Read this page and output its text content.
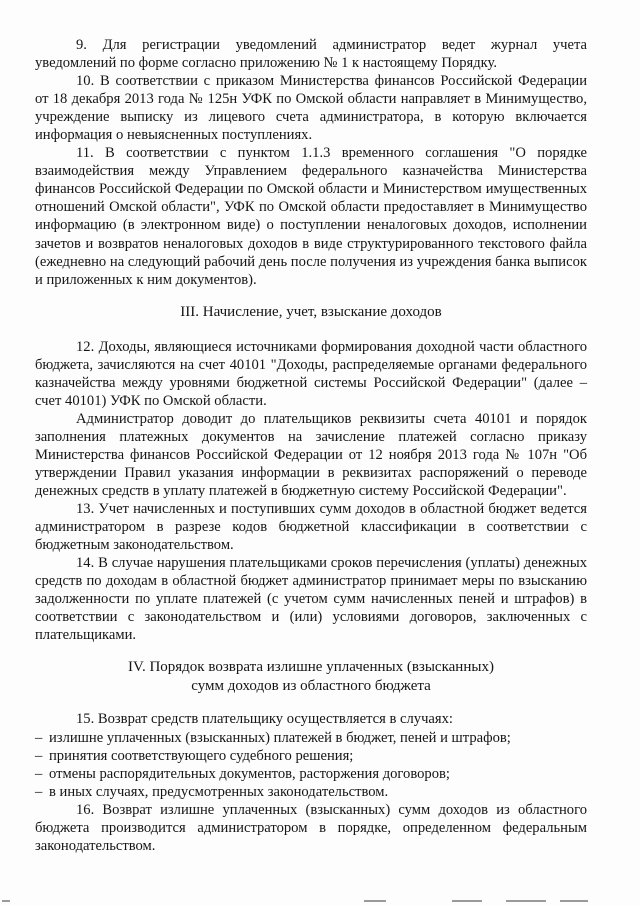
9. Для регистрации уведомлений администратор ведет журнал учета уведомлений по форме согласно приложению № 1 к настоящему Порядку.

10. В соответствии с приказом Министерства финансов Российской Федерации от 18 декабря 2013 года № 125н УФК по Омской области направляет в Минимущество, учреждение выписку из лицевого счета администратора, в которую включается информация о невыясненных поступлениях.

11. В соответствии с пунктом 1.1.3 временного соглашения "О порядке взаимодействия между Управлением федерального казначейства Министерства финансов Российской Федерации по Омской области и Министерством имущественных отношений Омской области", УФК по Омской области предоставляет в Минимущество информацию (в электронном виде) о поступлении неналоговых доходов, исполнении зачетов и возвратов неналоговых доходов в виде структурированного текстового файла (ежедневно на следующий рабочий день после получения из учреждения банка выписок и приложенных к ним документов).

III. Начисление, учет, взыскание доходов

12. Доходы, являющиеся источниками формирования доходной части областного бюджета, зачисляются на счет 40101 "Доходы, распределяемые органами федерального казначейства между уровнями бюджетной системы Российской Федерации" (далее – счет 40101) УФК по Омской области.

Администратор доводит до плательщиков реквизиты счета 40101 и порядок заполнения платежных документов на зачисление платежей согласно приказу Министерства финансов Российской Федерации от 12 ноября 2013 года № 107н "Об утверждении Правил указания информации в реквизитах распоряжений о переводе денежных средств в уплату платежей в бюджетную систему Российской Федерации".

13. Учет начисленных и поступивших сумм доходов в областной бюджет ведется администратором в разрезе кодов бюджетной классификации в соответствии с бюджетным законодательством.

14. В случае нарушения плательщиками сроков перечисления (уплаты) денежных средств по доходам в областной бюджет администратор принимает меры по взысканию задолженности по уплате платежей (с учетом сумм начисленных пеней и штрафов) в соответствии с законодательством и (или) условиями договоров, заключенных с плательщиками.

IV. Порядок возврата излишне уплаченных (взысканных)
сумм доходов из областного бюджета

15. Возврат средств плательщику осуществляется в случаях:

– излишне уплаченных (взысканных) платежей в бюджет, пеней и штрафов;
– принятия соответствующего судебного решения;
– отмены распорядительных документов, расторжения договоров;
– в иных случаях, предусмотренных законодательством.

16. Возврат излишне уплаченных (взысканных) сумм доходов из областного бюджета производится администратором в порядке, определенном федеральным законодательством.
